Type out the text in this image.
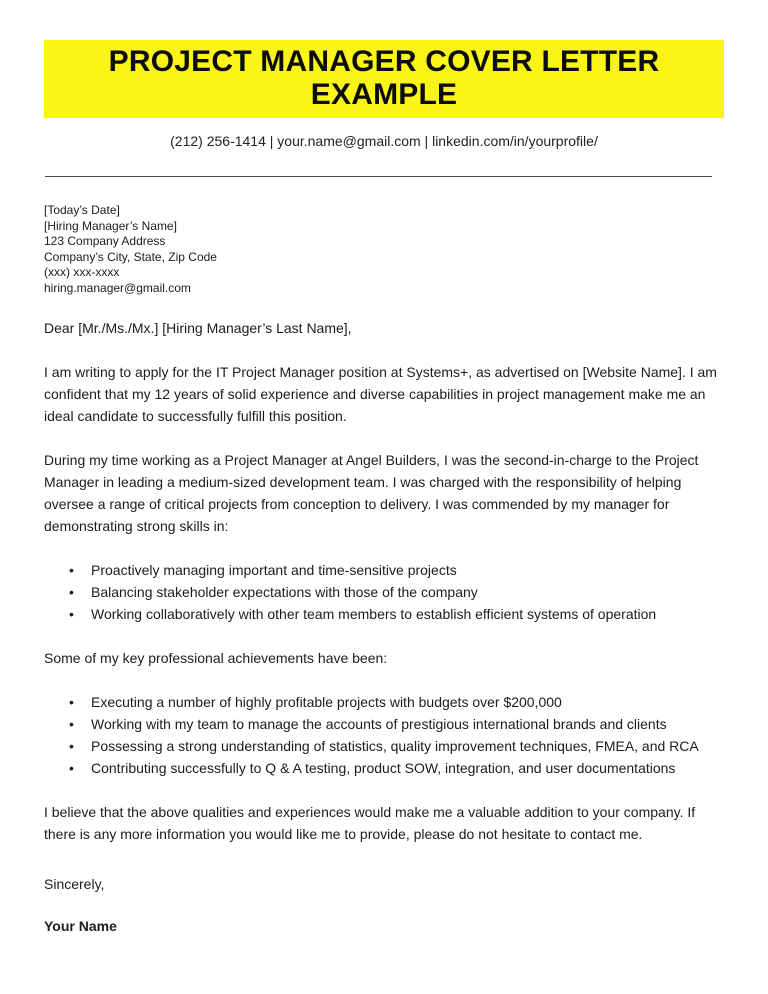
PROJECT MANAGER COVER LETTER EXAMPLE
(212) 256-1414 | your.name@gmail.com | linkedin.com/in/yourprofile/
[Today’s Date]
[Hiring Manager’s Name]
123 Company Address
Company’s City, State, Zip Code
(xxx) xxx-xxxx
hiring.manager@gmail.com
Dear [Mr./Ms./Mx.] [Hiring Manager’s Last Name],

I am writing to apply for the IT Project Manager position at Systems+, as advertised on [Website Name]. I am confident that my 12 years of solid experience and diverse capabilities in project management make me an ideal candidate to successfully fulfill this position.

During my time working as a Project Manager at Angel Builders, I was the second-in-charge to the Project Manager in leading a medium-sized development team. I was charged with the responsibility of helping oversee a range of critical projects from conception to delivery. I was commended by my manager for demonstrating strong skills in:

• Proactively managing important and time-sensitive projects
• Balancing stakeholder expectations with those of the company
• Working collaboratively with other team members to establish efficient systems of operation

Some of my key professional achievements have been:

• Executing a number of highly profitable projects with budgets over $200,000
• Working with my team to manage the accounts of prestigious international brands and clients
• Possessing a strong understanding of statistics, quality improvement techniques, FMEA, and RCA
• Contributing successfully to Q & A testing, product SOW, integration, and user documentations

I believe that the above qualities and experiences would make me a valuable addition to your company. If there is any more information you would like me to provide, please do not hesitate to contact me.

Sincerely,
Your Name
